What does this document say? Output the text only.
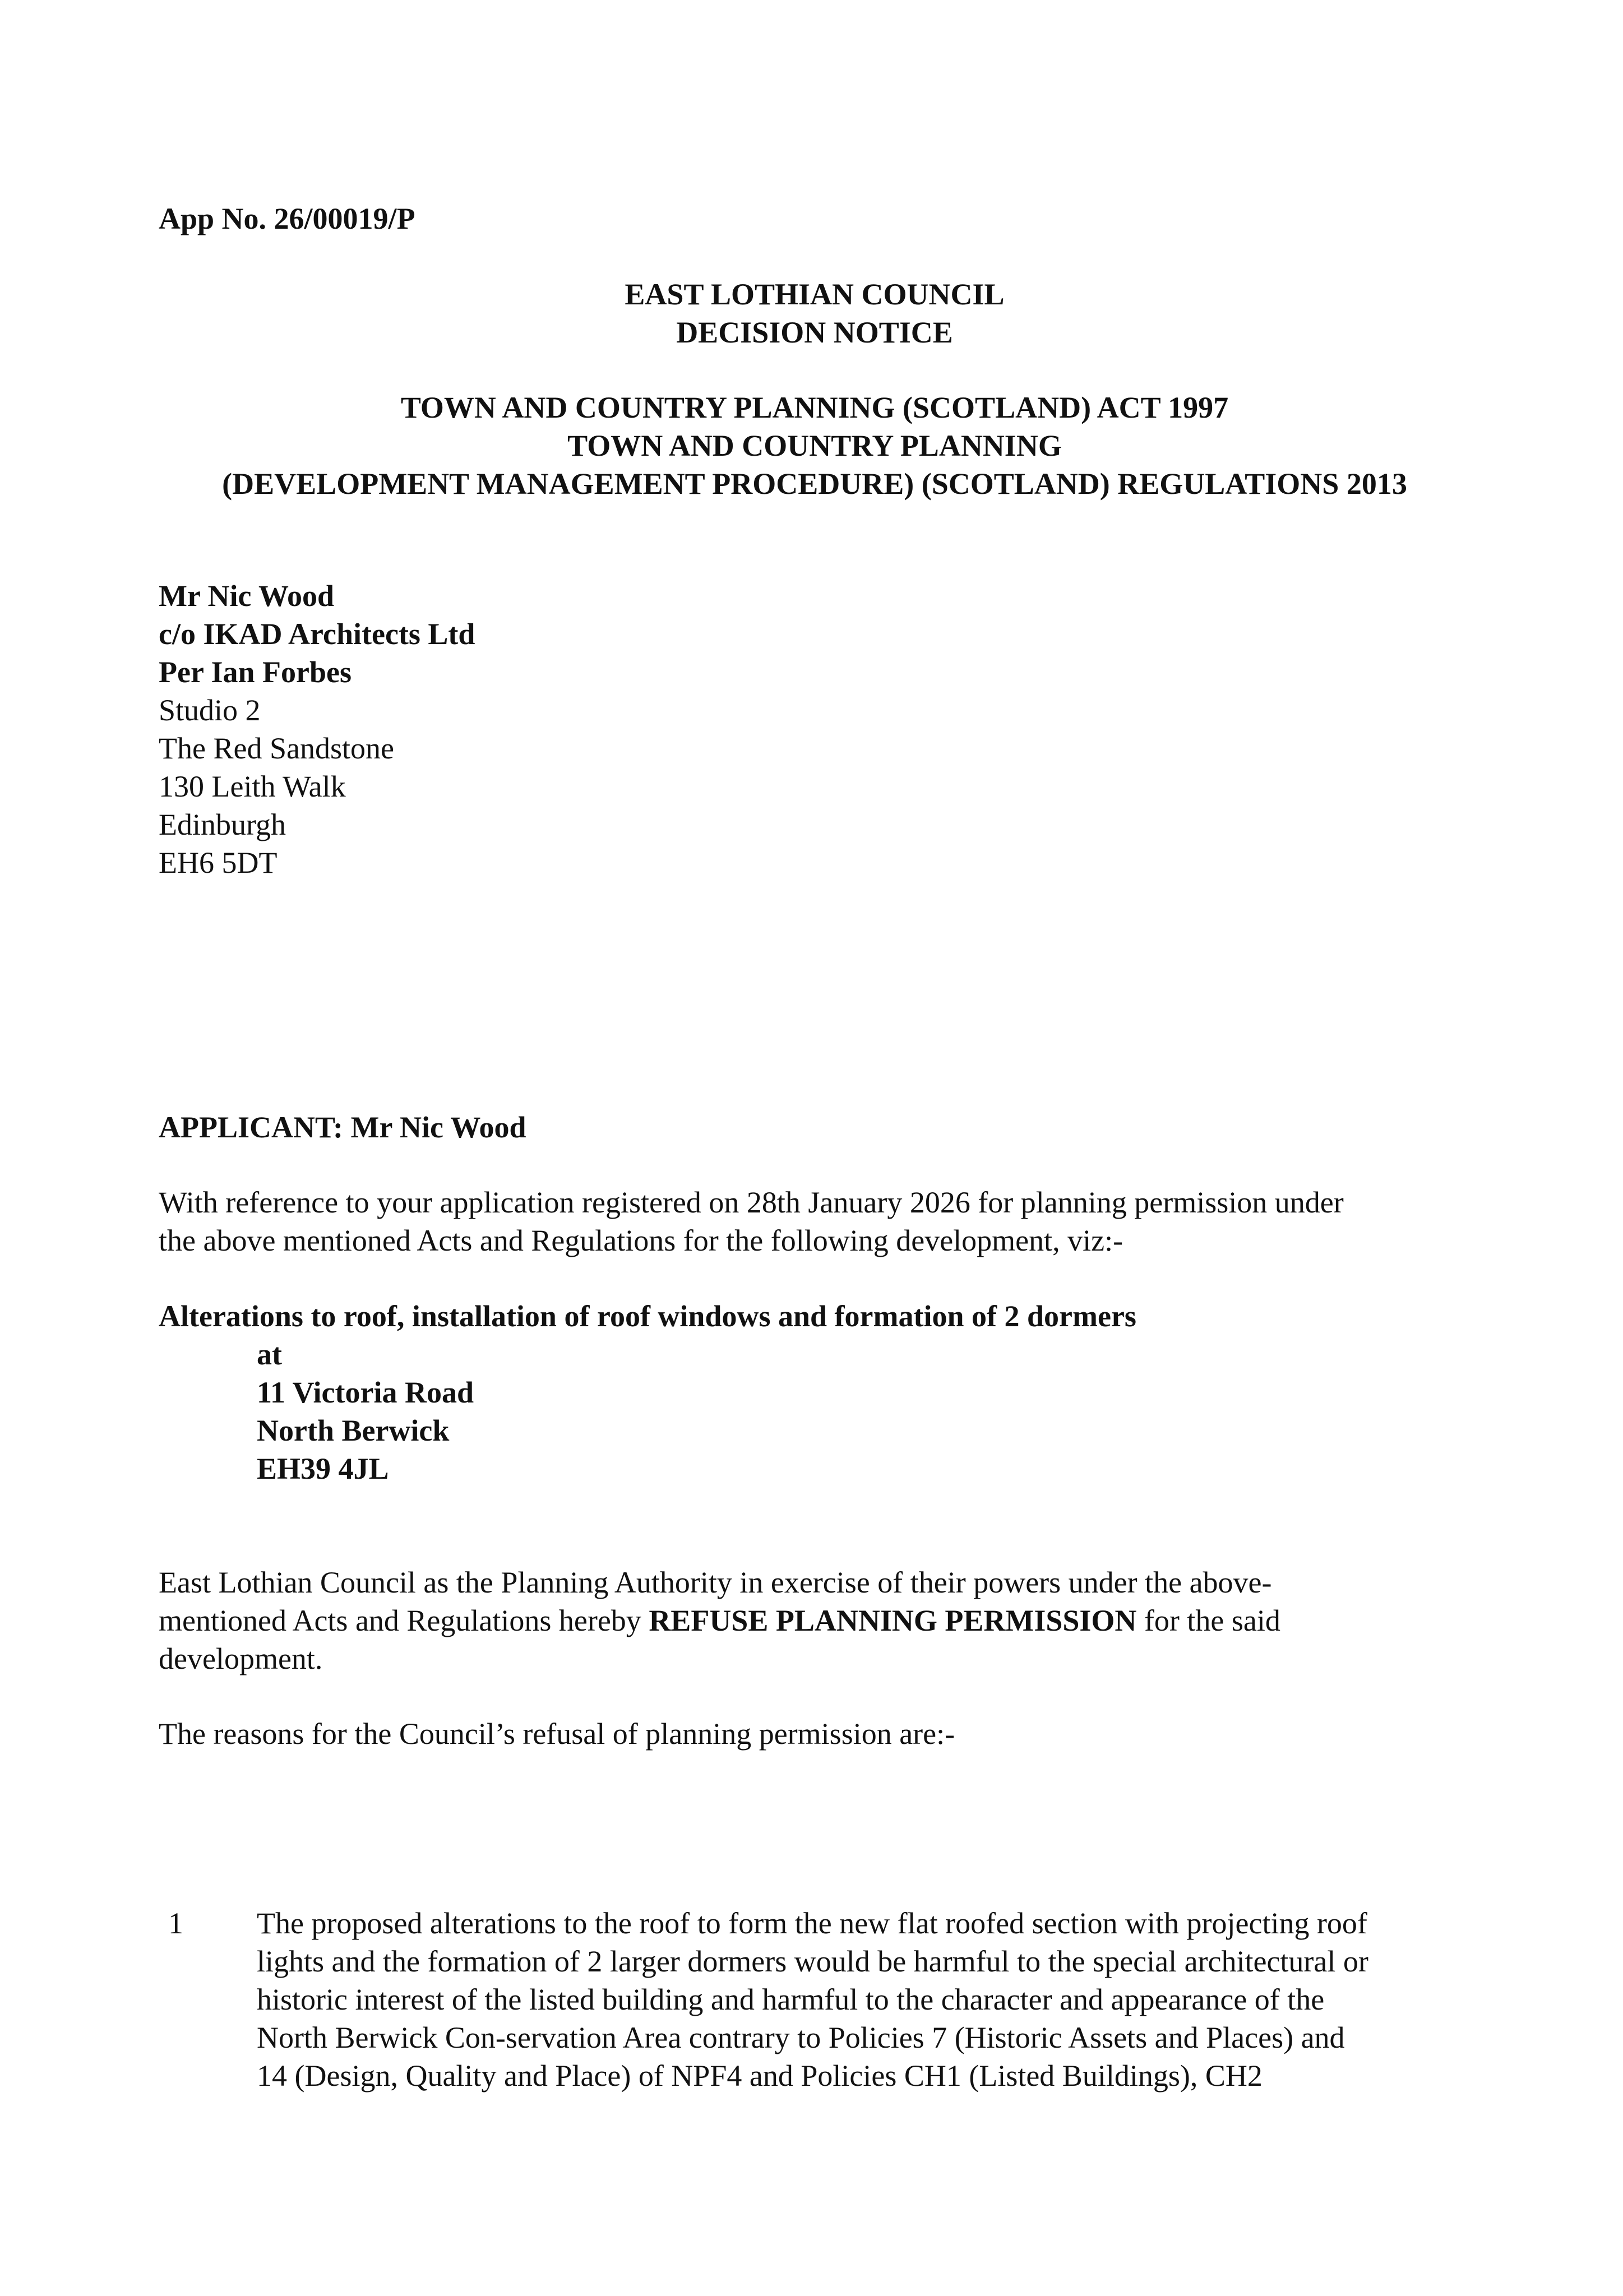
App No. 26/00019/P
EAST LOTHIAN COUNCIL
DECISION NOTICE
TOWN AND COUNTRY PLANNING (SCOTLAND) ACT 1997
TOWN AND COUNTRY PLANNING
(DEVELOPMENT MANAGEMENT PROCEDURE) (SCOTLAND) REGULATIONS 2013
Mr Nic Wood
c/o IKAD Architects Ltd
Per Ian Forbes
Studio 2
The Red Sandstone
130 Leith Walk
Edinburgh
EH6 5DT
APPLICANT: Mr Nic Wood
With reference to your application registered on 28th January 2026 for planning permission under
the above mentioned Acts and Regulations for the following development, viz:-
Alterations to roof, installation of roof windows and formation of 2 dormers
at
11 Victoria Road
North Berwick
EH39 4JL
East Lothian Council as the Planning Authority in exercise of their powers under the above-
mentioned Acts and Regulations hereby REFUSE PLANNING PERMISSION for the said
development.
The reasons for the Council’s refusal of planning permission are:-
1 The proposed alterations to the roof to form the new flat roofed section with projecting roof
lights and the formation of 2 larger dormers would be harmful to the special architectural or
historic interest of the listed building and harmful to the character and appearance of the
North Berwick Con-servation Area contrary to Policies 7 (Historic Assets and Places) and
14 (Design, Quality and Place) of NPF4 and Policies CH1 (Listed Buildings), CH2
